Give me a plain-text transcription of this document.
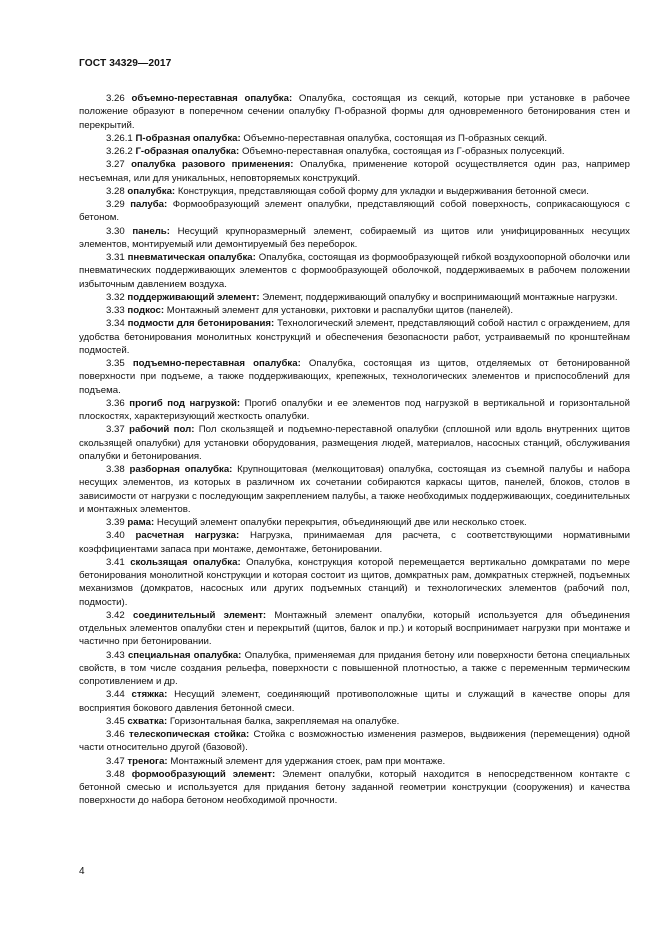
ГОСТ 34329—2017

3.26 объемно-переставная опалубка: Опалубка, состоящая из секций, которые при установке в рабочее положение образуют в поперечном сечении опалубку П-образной формы для одновременного бетонирования стен и перекрытий.

3.26.1 П-образная опалубка: Объемно-переставная опалубка, состоящая из П-образных секций.

3.26.2 Г-образная опалубка: Объемно-переставная опалубка, состоящая из Г-образных полусекций.

3.27 опалубка разового применения: Опалубка, применение которой осуществляется один раз, например несъемная, или для уникальных, неповторяемых конструкций.

3.28 опалубка: Конструкция, представляющая собой форму для укладки и выдерживания бетонной смеси.

3.29 палуба: Формообразующий элемент опалубки, представляющий собой поверхность, соприкасающуюся с бетоном.

3.30 панель: Несущий крупноразмерный элемент, собираемый из щитов или унифицированных несущих элементов, монтируемый или демонтируемый без переборок.

3.31 пневматическая опалубка: Опалубка, состоящая из формообразующей гибкой воздухоопорной оболочки или пневматических поддерживающих элементов с формообразующей оболочкой, поддерживаемых в рабочем положении избыточным давлением воздуха.

3.32 поддерживающий элемент: Элемент, поддерживающий опалубку и воспринимающий монтажные нагрузки.

3.33 подкос: Монтажный элемент для установки, рихтовки и распалубки щитов (панелей).

3.34 подмости для бетонирования: Технологический элемент, представляющий собой настил с ограждением, для удобства бетонирования монолитных конструкций и обеспечения безопасности работ, устраиваемый по кронштейнам подмостей.

3.35 подъемно-переставная опалубка: Опалубка, состоящая из щитов, отделяемых от бетонированной поверхности при подъеме, а также поддерживающих, крепежных, технологических элементов и приспособлений для подъема.

3.36 прогиб под нагрузкой: Прогиб опалубки и ее элементов под нагрузкой в вертикальной и горизонтальной плоскостях, характеризующий жесткость опалубки.

3.37 рабочий пол: Пол скользящей и подъемно-переставной опалубки (сплошной или вдоль внутренних щитов скользящей опалубки) для установки оборудования, размещения людей, материалов, насосных станций, обслуживания опалубки и бетонирования.

3.38 разборная опалубка: Крупнощитовая (мелкощитовая) опалубка, состоящая из съемной палубы и набора несущих элементов, из которых в различном их сочетании собираются каркасы щитов, панелей, блоков, столов в зависимости от нагрузки с последующим закреплением палубы, а также необходимых поддерживающих, соединительных и монтажных элементов.

3.39 рама: Несущий элемент опалубки перекрытия, объединяющий две или несколько стоек.

3.40 расчетная нагрузка: Нагрузка, принимаемая для расчета, с соответствующими нормативными коэффициентами запаса при монтаже, демонтаже, бетонировании.

3.41 скользящая опалубка: Опалубка, конструкция которой перемещается вертикально домкратами по мере бетонирования монолитной конструкции и которая состоит из щитов, домкратных рам, домкратных стержней, подъемных механизмов (домкратов, насосных или других подъемных станций) и технологических элементов (рабочий пол, подмости).

3.42 соединительный элемент: Монтажный элемент опалубки, который используется для объединения отдельных элементов опалубки стен и перекрытий (щитов, балок и пр.) и который воспринимает нагрузки при монтаже и частично при бетонировании.

3.43 специальная опалубка: Опалубка, применяемая для придания бетону или поверхности бетона специальных свойств, в том числе создания рельефа, поверхности с повышенной плотностью, а также с переменным термическим сопротивлением и др.

3.44 стяжка: Несущий элемент, соединяющий противоположные щиты и служащий в качестве опоры для восприятия бокового давления бетонной смеси.

3.45 схватка: Горизонтальная балка, закрепляемая на опалубке.

3.46 телескопическая стойка: Стойка с возможностью изменения размеров, выдвижения (перемещения) одной части относительно другой (базовой).

3.47 тренога: Монтажный элемент для удержания стоек, рам при монтаже.

3.48 формообразующий элемент: Элемент опалубки, который находится в непосредственном контакте с бетонной смесью и используется для придания бетону заданной геометрии конструкции (сооружения) и качества поверхности до набора бетоном необходимой прочности.

4
